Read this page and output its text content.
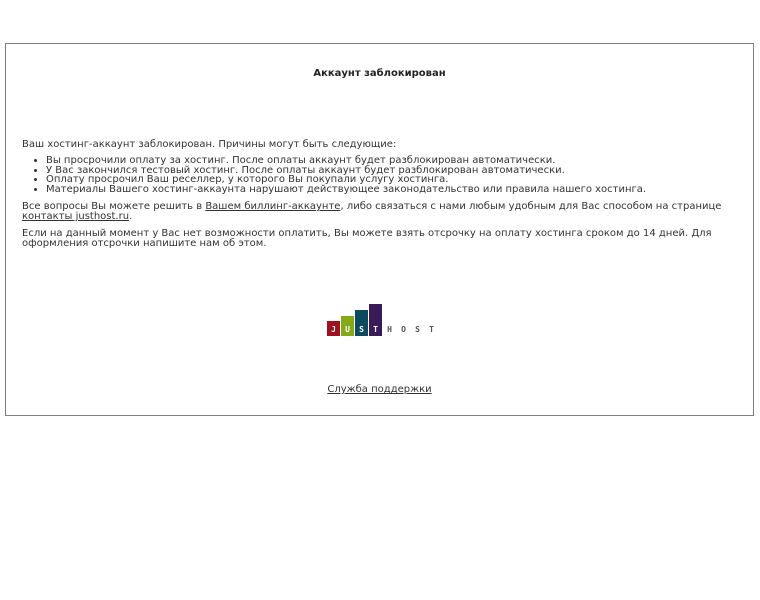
Аккаунт заблокирован

Ваш хостинг-аккаунт заблокирован. Причины могут быть следующие:

• Вы просрочили оплату за хостинг. После оплаты аккаунт будет разблокирован автоматически.
• У Вас закончился тестовый хостинг. После оплаты аккаунт будет разблокирован автоматически.
• Оплату просрочил Ваш реселлер, у которого Вы покупали услугу хостинга.
• Материалы Вашего хостинг-аккаунта нарушают действующее законодательство или правила нашего хостинга.

Все вопросы Вы можете решить в Вашем биллинг-аккаунте, либо связаться с нами любым удобным для Вас способом на странице контакты justhost.ru.

Если на данный момент у Вас нет возможности оплатить, Вы можете взять отсрочку на оплату хостинга сроком до 14 дней. Для оформления отсрочки напишите нам об этом.

J U S T H O S T
Служба поддержки
